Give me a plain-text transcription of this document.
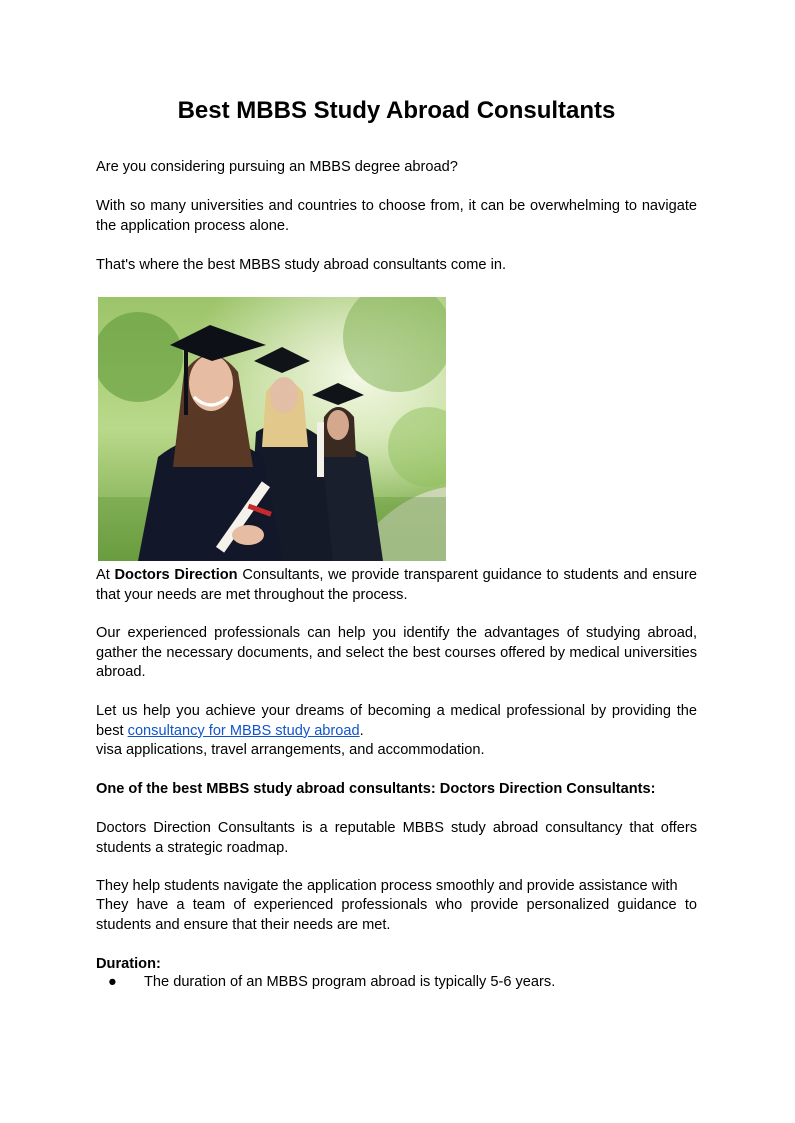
Best MBBS Study Abroad Consultants

Are you considering pursuing an MBBS degree abroad?

With so many universities and countries to choose from, it can be overwhelming to navigate the application process alone.

That's where the best MBBS study abroad consultants come in.

At Doctors Direction Consultants, we provide transparent guidance to students and ensure that your needs are met throughout the process.

Our experienced professionals can help you identify the advantages of studying abroad, gather the necessary documents, and select the best courses offered by medical universities abroad.

Let us help you achieve your dreams of becoming a medical professional by providing the best consultancy for MBBS study abroad.

visa applications, travel arrangements, and accommodation.

One of the best MBBS study abroad consultants: Doctors Direction Consultants:

Doctors Direction Consultants is a reputable MBBS study abroad consultancy that offers students a strategic roadmap.

They help students navigate the application process smoothly and provide assistance with

They have a team of experienced professionals who provide personalized guidance to students and ensure that their needs are met.

Duration:

● The duration of an MBBS program abroad is typically 5-6 years.
